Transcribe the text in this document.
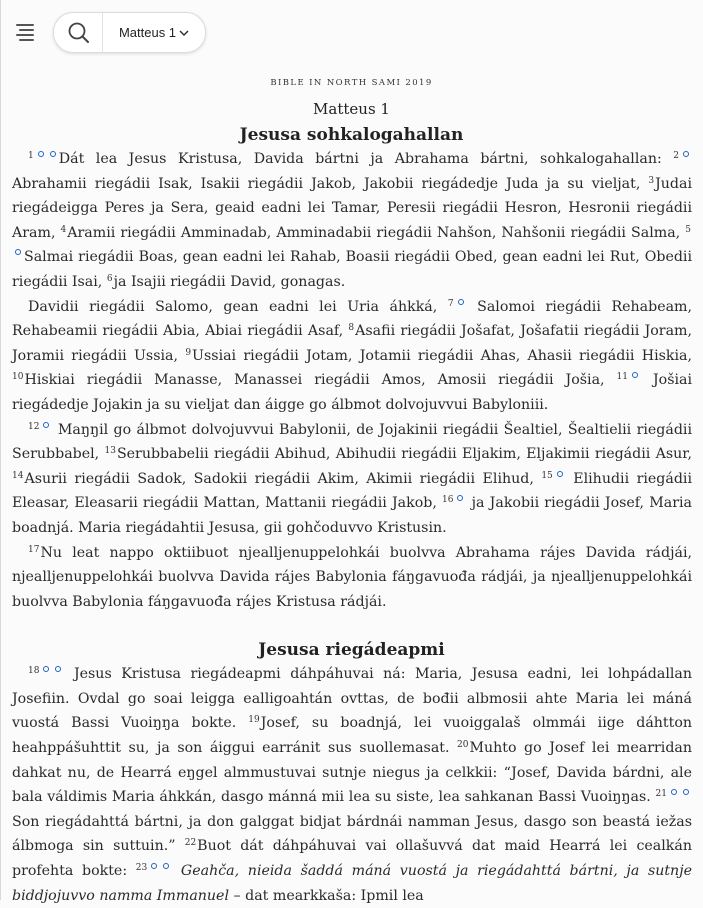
Matteus 1
BIBLE IN NORTH SAMI 2019
Matteus 1
Jesusa sohkalogahallan

$^1$ Dát lea Jesus Kristusa, Davida bártni ja Abrahama bártni, sohkalogahallan: $^2$ Abrahamii riegádii Isak, Isakii riegádii Jakob, Jakobii riegádedje Juda ja su vieljat, $^3$Judai riegádeigga Peres ja Sera, geaid eadni lei Tamar, Peresii riegádii Hesron, Hesronii riegádii Aram, $^4$Aramii riegádii Amminadab, Amminadabii riegádii Nahšon, Nahšonii riegádii Salma, $^5$Salmai riegádii Boas, gean eadni lei Rahab, Boasii riegádii Obed, gean eadni lei Rut, Obedii riegádii Isai, $^6$ja Isajii riegádii David, gonagas.

Davidii riegádii Salomo, gean eadni lei Uria áhkká, $^7$ Salomoi riegádii Rehabeam, Rehabeamii riegádii Abia, Abiai riegádii Asaf, $^8$Asafii riegádii Jošafat, Jošafatii riegádii Joram, Joramii riegádii Ussia, $^9$Ussiai riegádii Jotam, Jotamii riegádii Ahas, Ahasii riegádii Hiskia, $^{10}$Hiskiai riegádii Manasse, Manassei riegádii Amos, Amosii riegádii Jošia, $^{11}$ Jošiai riegádedje Jojakin ja su vieljat dan áigge go álbmot dolvojuvvui Babyloniii.

$^{12}$ Maŋŋil go álbmot dolvojuvvui Babylonii, de Jojakinii riegádii Šealtiel, Šealtielii riegádii Serubbabel, $^{13}$Serubbabelii riegádii Abihud, Abihudii riegádii Eljakim, Eljakimii riegádii Asur, $^{14}$Asurii riegádii Sadok, Sadokii riegádii Akim, Akimii riegádii Elihud, $^{15}$ Elihudii riegádii Eleasar, Eleasarii riegádii Mattan, Mattanii riegádii Jakob, $^{16}$ ja Jakobii riegádii Josef, Maria boadnjá. Maria riegádahtii Jesusa, gii gohčoduvvo Kristusin.

$^{17}$Nu leat nappo oktiibuot njealljenuppelohkái buolvva Abrahama rájes Davida rádjái, njealljenuppelohkái buolvva Davida rájes Babylonia fáŋgavuođa rádjái, ja njealljenuppelohkái buolvva Babylonia fáŋgavuođa rájes Kristusa rádjái.

Jesusa riegádeapmi

$^{18}$ Jesus Kristusa riegádeapmi dáhpáhuvai ná: Maria, Jesusa eadni, lei lohpádallan Josefiin. Ovdal go soai leigga ealligoahtán ovttas, de bođii albmosii ahte Maria lei máná vuostá Bassi Vuoiŋŋa bokte. $^{19}$Josef, su boadnjá, lei vuoiggalaš olmmái iige dáhtton heahppášuhttit su, ja son áiggui earránit sus suollemasat. $^{20}$Muhto go Josef lei mearridan dahkat nu, de Hearrá eŋgel almmustuvai sutnje niegus ja celkkii: “Josef, Davida bárdni, ale bala váldimis Maria áhkkán, dasgo mánná mii lea su siste, lea sahkanan Bassi Vuoiŋŋas. $^{21}$ Son riegádahttá bártni, ja don galggat bidjat bárdnái namman Jesus, dasgo son beastá iežas álbmoga sin suttuin.” $^{22}$Buot dát dáhpáhuvai vai ollašuvvá dat maid Hearrá lei cealkán profehta bokte: $^{23}$ Geahča, nieida šaddá máná vuostá ja riegádahttá bártni, ja sutnje biddjojuvvo namma Immanuel – dat mearkkaša: Ipmil lea
